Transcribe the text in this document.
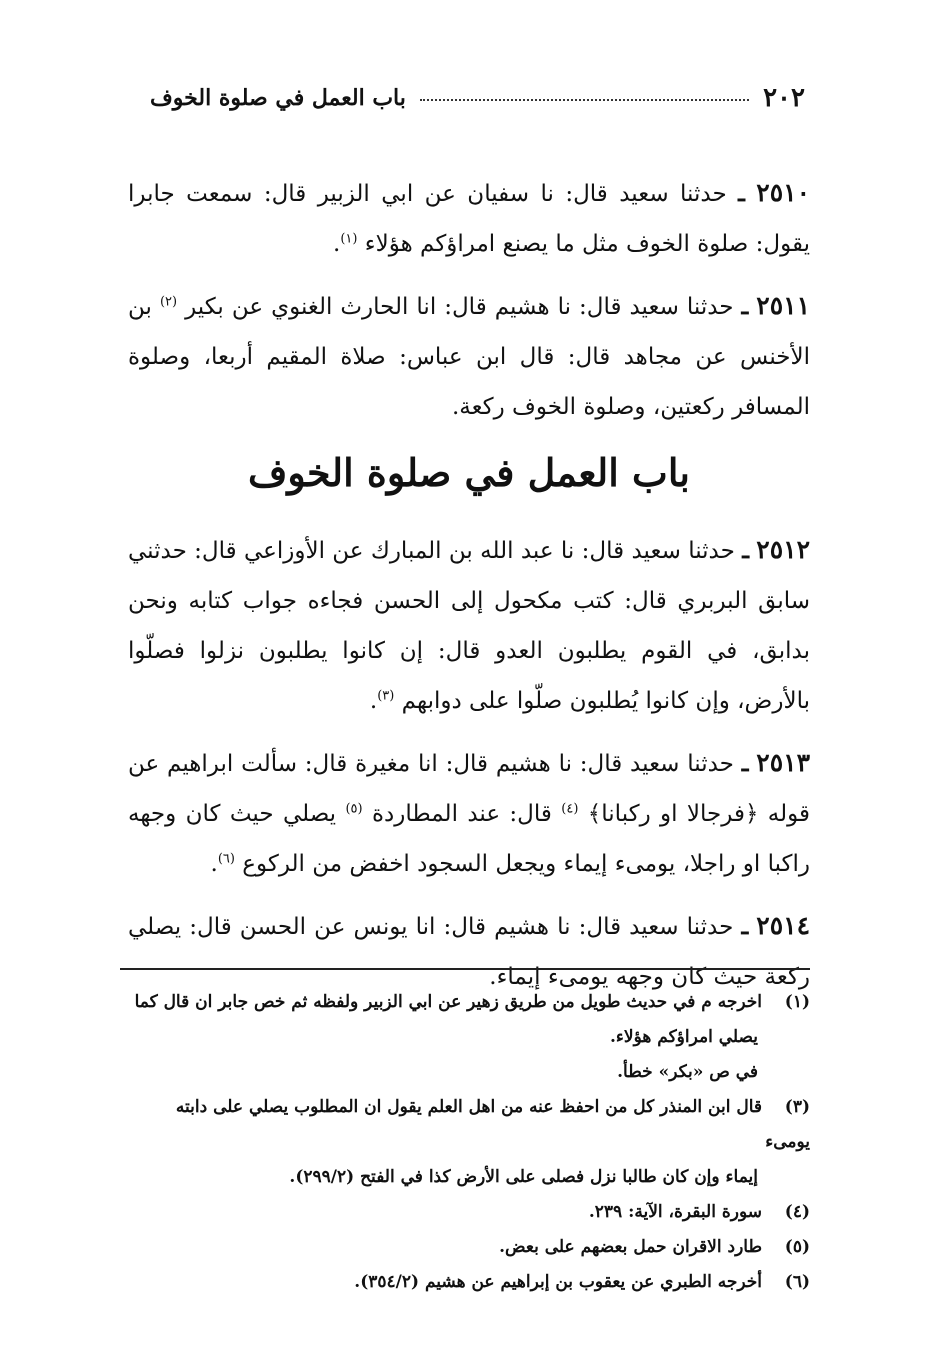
٢٠٢
باب العمل في صلوة الخوف

٢٥١٠ ـ حدثنا سعيد قال: نا سفيان عن ابي الزبير قال: سمعت جابرا يقول: صلوة الخوف مثل ما يصنع امراؤكم هؤلاء $^{(١)}$.

٢٥١١ ـ حدثنا سعيد قال: نا هشيم قال: انا الحارث الغنوي عن بكير $^{(٢)}$ بن الأخنس عن مجاهد قال: قال ابن عباس: صلاة المقيم أربعا، وصلوة المسافر ركعتين، وصلوة الخوف ركعة.

باب العمل في صلوة الخوف

٢٥١٢ ـ حدثنا سعيد قال: نا عبد الله بن المبارك عن الأوزاعي قال: حدثني سابق البربري قال: كتب مكحول إلى الحسن فجاءه جواب كتابه ونحن بدابق، في القوم يطلبون العدو قال: إن كانوا يطلبون نزلوا فصلّوا بالأرض، وإن كانوا يُطلبون صلّوا على دوابهم $^{(٣)}$.

٢٥١٣ ـ حدثنا سعيد قال: نا هشيم قال: انا مغيرة قال: سألت ابراهيم عن قوله ﴿فرجالا او ركبانا﴾ $^{(٤)}$ قال: عند المطاردة $^{(٥)}$ يصلي حيث كان وجهه راكبا او راجلا، يومىء إيماء ويجعل السجود اخفض من الركوع $^{(٦)}$.

٢٥١٤ ـ حدثنا سعيد قال: نا هشيم قال: انا يونس عن الحسن قال: يصلي ركعة حيث كان وجهه يومىء إيماء.

(١)اخرجه م في حديث طويل من طريق زهير عن ابي الزبير ولفظه ثم خص جابر ان قال كما

يصلي امراؤكم هؤلاء.

في ص «بكر» خطأ.

(٣)قال ابن المنذر كل من احفظ عنه من اهل العلم يقول ان المطلوب يصلي على دابته يومىء

إيماء وإن كان طالبا نزل فصلى على الأرض كذا في الفتح (٢٩٩/٢).

(٤)سورة البقرة، الآية: ٢٣٩.

(٥)طارد الاقران حمل بعضهم على بعض.

(٦)أخرجه الطبري عن يعقوب بن إبراهيم عن هشيم (٣٥٤/٢).
